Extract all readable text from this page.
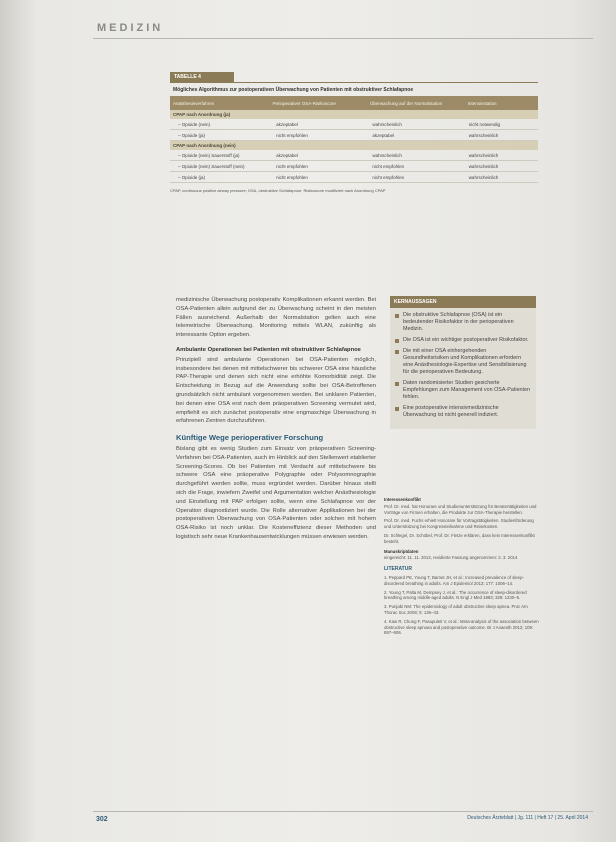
MEDIZIN
TABELLE 4
Mögliches Algorithmus zur postoperativen Überwachung von Patienten mit obstruktiver Schlafapnoe
Anästhesieverfahren	Perioperativer OSA-Risikoscore	Überwachung auf der Normalstation	Intensivstation
CPAP nach Anordnung (ja)
– Opioide (nein)	akzeptabel	wahrscheinlich	nicht notwendig
– Opioide (ja)	nicht empfohlen	akzeptabel	wahrscheinlich
CPAP nach Anordnung (nein)
– Opioide (nein) Sauerstoff (ja)	akzeptabel	wahrscheinlich	wahrscheinlich
– Opioide (nein) Sauerstoff (nein)	nicht empfohlen	nicht empfohlen	wahrscheinlich
– Opioide (ja)	nicht empfohlen	nicht empfohlen	wahrscheinlich
CPAP, continuous positive airway pressure; OSA, obstruktive Schlafapnoe; Risikoscore modifiziert nach Anordnung CPAP

medizinische Überwachung postoperativ Komplikationen erkannt werden. Bei OSA-Patienten allein aufgrund der zu Überwachung scheint in den meisten Fällen ausreichend. Außerhalb der Normalstation gelten auch eine telemetrische Überwachung. Monitoring mittels WLAN, zukünftig als interessante Option ergeben.

Ambulante Operationen bei Patienten mit obstruktiver Schlafapnoe

Prinzipiell sind ambulante Operationen bei OSA-Patienten möglich, insbesondere bei denen mit mittelschwerer bis schwerer OSA eine häusliche PAP-Therapie und denen sich nicht eine erhöhte Komorbidität zeigt. Die Entscheidung in Bezug auf die Anwendung sollte bei OSA-Betroffenen grundsätzlich nicht ambulant vorgenommen werden. Bei unklaren Patienten, bei denen eine OSA erst nach dem präoperativen Screening vermutet wird, empfiehlt es sich zunächst postoperativ eine engmaschige Überwachung in erfahrenen Zentren durchzuführen.

Künftige Wege perioperativer Forschung

Bislang gibt es wenig Studien zum Einsatz von präoperativen Screening-Verfahren bei OSA-Patienten, auch im Hinblick auf den Stellenwert etablierter Screening-Scores. Ob bei Patienten mit Verdacht auf mittelschwere bis schwere OSA eine präoperative Polygraphie oder Polysomnographie durchgeführt werden sollte, muss ergründet werden. Darüber hinaus stellt sich die Frage, inwiefern Zweifel und Argumentation welcher Anästhesiologie und Einstellung mit PAP erfolgen sollte, wenn eine Schlafapnoe vor der Operation diagnostiziert wurde. Die Rolle alternativer Applikationen bei der postoperativen Überwachung von OSA-Patienten oder solchen mit hohem OSA-Risiko ist noch unklar. Die Kosteneffizienz dieser Methoden und logistisch sehr neue Krankenhausentwicklungen müssen erwiesen werden.

KERNAUSSAGEN
Die obstruktive Schlafapnoe (OSA) ist ein bedeutender Risikofaktor in der perioperativen Medizin.
Die OSA ist ein wichtiger postoperativer Risikofaktor.
Die mit einer OSA einhergehenden Gesundheitsrisiken und Komplikationen erfordern eine Anästhesiologie-Expertise und Sensibilisierung für die perioperativen Bedeutung.
Daten randomisierter Studien gesicherte Empfehlungen zum Management von OSA-Patienten fehlen.
Eine postoperative intensivmedizinische Überwachung ist nicht generell indiziert.
Interessenkonflikt

Prof. Dr. med. hat Honorare und Studienunterstützung für Beratertätigkeiten und Vorträge von Firmen erhalten, die Produkte zur OSA-Therapie herstellen.

Prof. Dr. med. Fuchs erhielt Honorare für Vortragstätigkeiten. Studienförderung und Unterstützung bei Kongressteilnahme und Reisekosten.

Dr. Schlegel, Dr. Schöbel, Prof. Dr. Fietze erklären, dass kein Interessenkonflikt besteht.

Manuskriptdaten

eingereicht: 11. 11. 2013, revidierte Fassung angenommen: 2. 3. 2014

LITERATUR
1. Peppard PE, Young T, Barnet JH, et al.: Increased prevalence of sleep-disordered breathing in adults. Am J Epidemiol 2013; 177: 1006–14.
2. Young T, Palta M, Dempsey J, et al.: The occurrence of sleep-disordered breathing among middle-aged adults. N Engl J Med 1993; 328: 1230–5.
3. Punjabi NM: The epidemiology of adult obstructive sleep apnea. Proc Am Thorac Soc 2008; 5: 136–43.
4. Kaw R, Chung F, Pasupuleti V, et al.: Meta-analysis of the association between obstructive sleep apnoea and postoperative outcome. Br J Anaesth 2012; 109: 897–906.
302	Deutsches Ärzteblatt | Jg. 111 | Heft 17 | 25. April 2014
